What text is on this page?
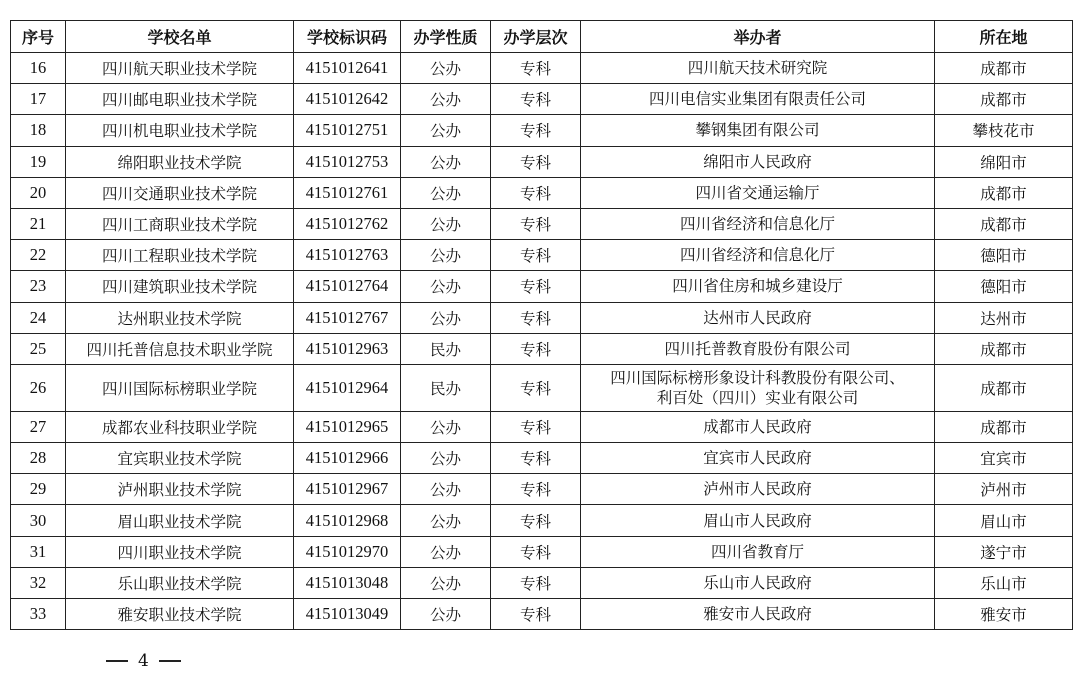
序号	学校名单	学校标识码	办学性质	办学层次	举办者	所在地
16	四川航天职业技术学院	4151012641	公办	专科	四川航天技术研究院	成都市
17	四川邮电职业技术学院	4151012642	公办	专科	四川电信实业集团有限责任公司	成都市
18	四川机电职业技术学院	4151012751	公办	专科	攀钢集团有限公司	攀枝花市
19	绵阳职业技术学院	4151012753	公办	专科	绵阳市人民政府	绵阳市
20	四川交通职业技术学院	4151012761	公办	专科	四川省交通运输厅	成都市
21	四川工商职业技术学院	4151012762	公办	专科	四川省经济和信息化厅	成都市
22	四川工程职业技术学院	4151012763	公办	专科	四川省经济和信息化厅	德阳市
23	四川建筑职业技术学院	4151012764	公办	专科	四川省住房和城乡建设厅	德阳市
24	达州职业技术学院	4151012767	公办	专科	达州市人民政府	达州市
25	四川托普信息技术职业学院	4151012963	民办	专科	四川托普教育股份有限公司	成都市
26	四川国际标榜职业学院	4151012964	民办	专科	四川国际标榜形象设计科教股份有限公司、
利百处（四川）实业有限公司	成都市
27	成都农业科技职业学院	4151012965	公办	专科	成都市人民政府	成都市
28	宜宾职业技术学院	4151012966	公办	专科	宜宾市人民政府	宜宾市
29	泸州职业技术学院	4151012967	公办	专科	泸州市人民政府	泸州市
30	眉山职业技术学院	4151012968	公办	专科	眉山市人民政府	眉山市
31	四川职业技术学院	4151012970	公办	专科	四川省教育厅	遂宁市
32	乐山职业技术学院	4151013048	公办	专科	乐山市人民政府	乐山市
33	雅安职业技术学院	4151013049	公办	专科	雅安市人民政府	雅安市
4
